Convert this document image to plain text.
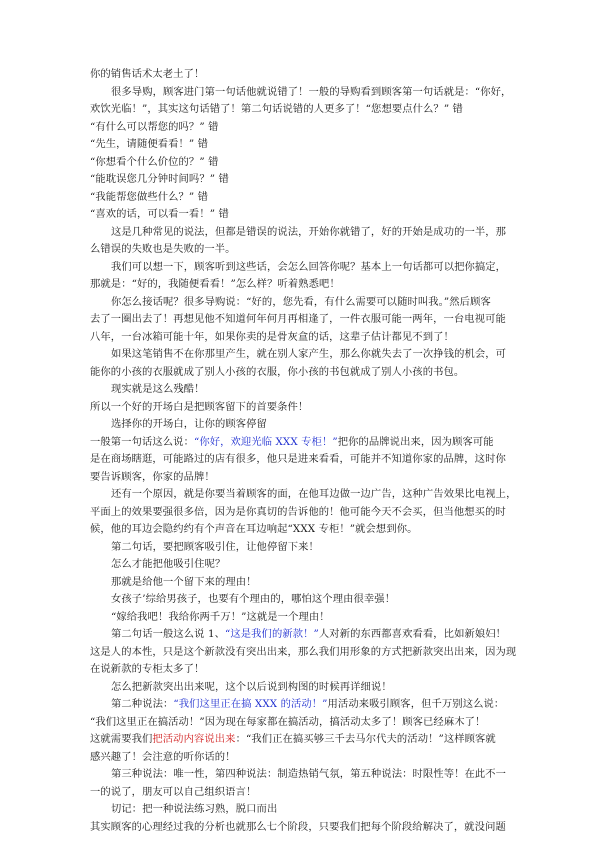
你的销售话术太老土了！
很多导购，顾客进门第一句话他就说错了！一般的导购看到顾客第一句话就是：“你好，
欢饮光临！”，其实这句话错了！第二句话说错的人更多了！“您想要点什么？” 错
“有什么可以帮您的吗？” 错
“先生，请随便看看！” 错
“你想看个什么价位的？” 错
“能耽误您几分钟时间吗？” 错
“我能帮您做些什么？” 错
“喜欢的话，可以看一看！” 错
这是几种常见的说法，但都是错误的说法，开始你就错了，好的开始是成功的一半，那
么错误的失败也是失败的一半。
我们可以想一下，顾客听到这些话，会怎么回答你呢？基本上一句话都可以把你搞定，
那就是：“好的，我随便看看！”怎么样？听着熟悉吧！
你怎么接话呢？很多导购说：“好的，您先看，有什么需要可以随时叫我。”然后顾客
去了一圈出去了！再想见他不知道何年何月再相逢了，一件衣服可能一两年，一台电视可能
八年，一台冰箱可能十年，如果你卖的是骨灰盒的话，这辈子估计都见不到了！
如果这笔销售不在你那里产生，就在别人家产生，那么你就失去了一次挣钱的机会，可
能你的小孩的衣服就成了别人小孩的衣服，你小孩的书包就成了别人小孩的书包。
现实就是这么残酷！
所以一个好的开场白是把顾客留下的首要条件！
选择你的开场白，让你的顾客停留
一般第一句话这么说：“你好，欢迎光临 XXX 专柜！”把你的品牌说出来，因为顾客可能
是在商场瞎逛，可能路过的店有很多，他只是进来看看，可能并不知道你家的品牌，这时你
要告诉顾客，你家的品牌！
还有一个原因，就是你要当着顾客的面，在他耳边做一边广告，这种广告效果比电视上，
平面上的效果要强很多倍，因为是你真切的告诉他的！他可能今天不会买，但当他想买的时
候，他的耳边会隐约约有个声音在耳边响起“XXX 专柜！”就会想到你。
第二句话，要把顾客吸引住，让他停留下来！
怎么才能把他吸引住呢？
那就是给他一个留下来的理由！
女孩子’综给男孩子，也要有个理由的，哪怕这个理由很幸强！
“嫁给我吧！我给你两千万！”这就是一个理由！
第二句话一般这么说 1、“这是我们的新款！”人对新的东西都喜欢看看，比如新娘妇！
这是人的本性，只是这个新款没有突出出来，那么我们用形象的方式把新款突出出来，因为现
在说新款的专柜太多了！
怎么把新款突出出来呢，这个以后说到构图的时候再详细说！
第二种说法：“我们这里正在搞 XXX 的活动！”用活动来吸引顾客，但千万别这么说：
“我们这里正在搞活动！”因为现在每家都在搞活动，搞活动太多了！顾客已经麻木了！
这就需要我们把活动内容说出来：“我们正在搞买够三千去马尔代夫的活动！”这样顾客就
感兴趣了！会注意的听你话的！
第三种说法：唯一性，第四种说法：制造热销气氛，第五种说法：时限性等！在此不一
一的说了，朋友可以自己组织语言！
切记：把一种说法练习熟，脱口而出
其实顾客的心理经过我的分析也就那么七个阶段，只要我们把每个阶段给解决了，就没问题
